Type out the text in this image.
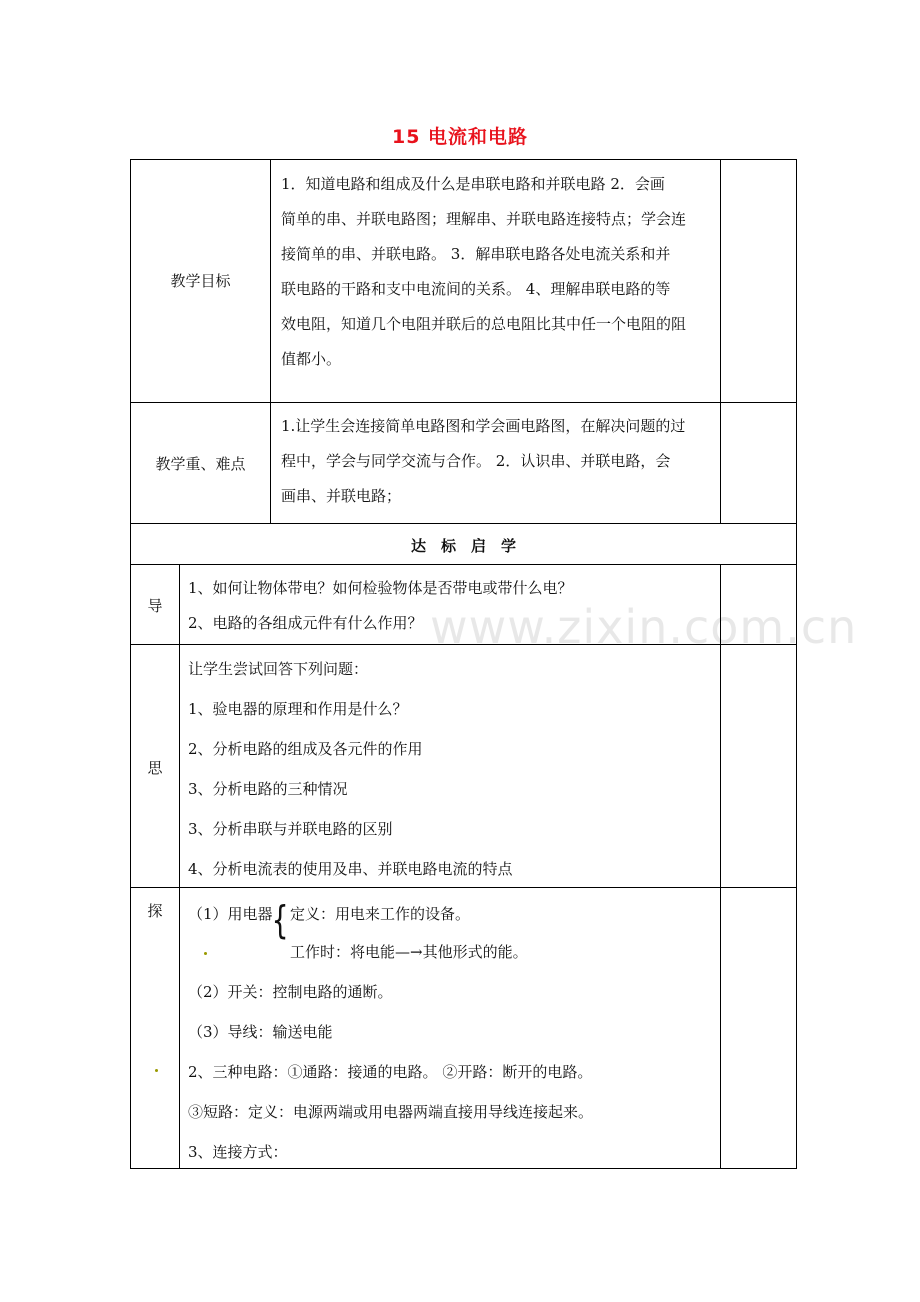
15 电流和电路
www.zixin.com.cn
教学目标
1．知道电路和组成及什么是串联电路和并联电路 2．会画
简单的串、并联电路图；理解串、并联电路连接特点；学会连
接简单的串、并联电路。 3．解串联电路各处电流关系和并
联电路的干路和支中电流间的关系。 4、理解串联电路的等
效电阻，知道几个电阻并联后的总电阻比其中任一个电阻的阻
值都小。
教学重、难点
1.让学生会连接简单电路图和学会画电路图，在解决问题的过
程中，学会与同学交流与合作。 2．认识串、并联电路，会
画串、并联电路；
达　标　启　学
导
1、如何让物体带电？如何检验物体是否带电或带什么电？
2、电路的各组成元件有什么作用？
思
让学生尝试回答下列问题：
1、验电器的原理和作用是什么？
2、分析电路的组成及各元件的作用
3、分析电路的三种情况
3、分析串联与并联电路的区别
4、分析电流表的使用及串、并联电路电流的特点
探	（1）用电器 { 定义：用电来工作的设备。
工作时：将电能—→其他形式的能。
（2）开关：控制电路的通断。
（3）导线：输送电能
2、三种电路：①通路：接通的电路。 ②开路：断开的电路。
③短路：定义：电源两端或用电器两端直接用导线连接起来。
3、连接方式：
